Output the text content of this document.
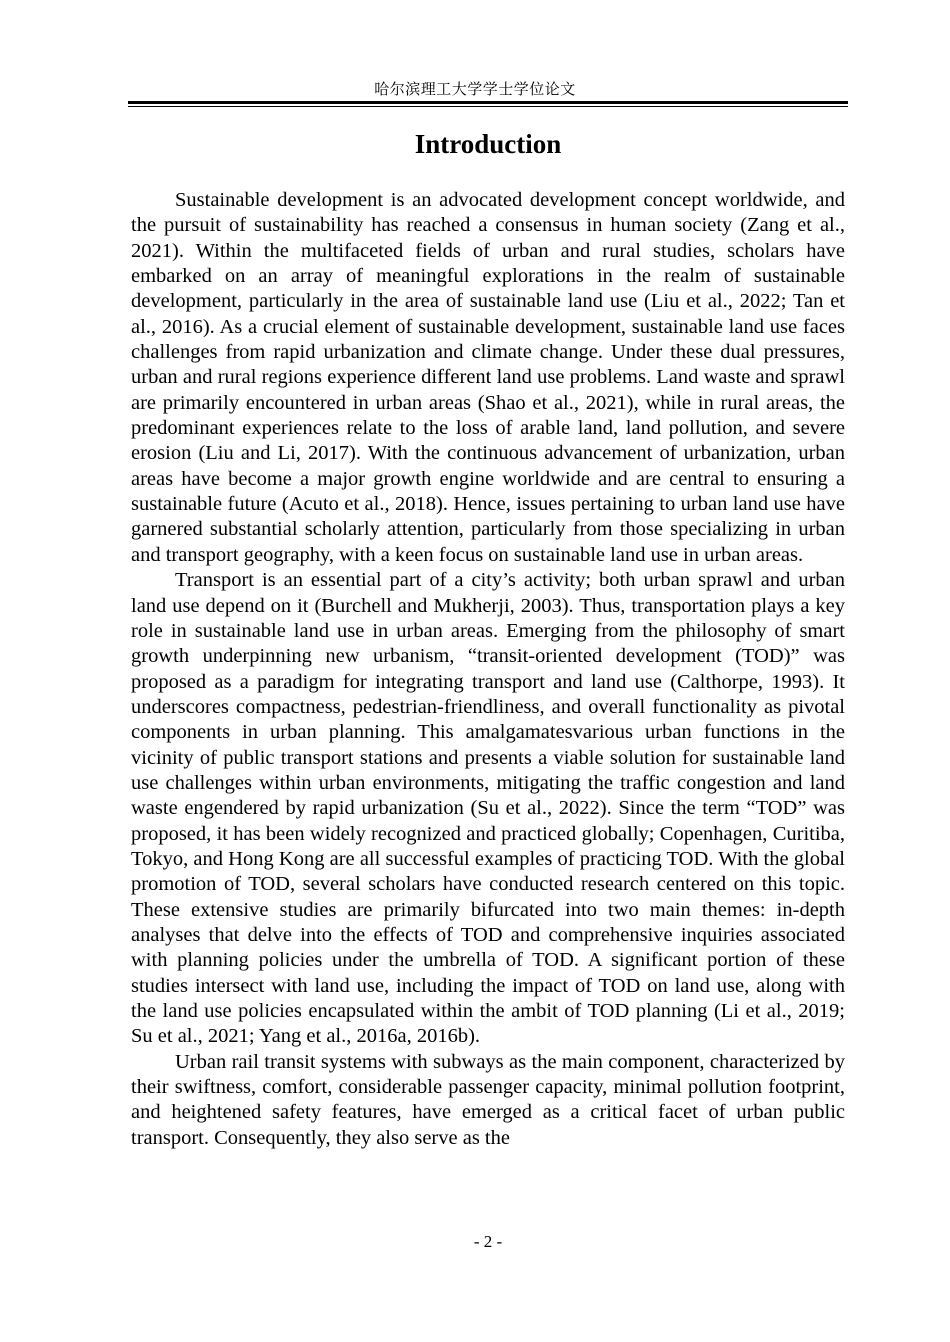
哈尔滨理工大学学士学位论文
Introduction

Sustainable development is an advocated development concept worldwide, and the pursuit of sustainability has reached a consensus in human society (Zang et al., 2021). Within the multifaceted fields of urban and rural studies, scholars have embarked on an array of meaningful explorations in the realm of sustainable development, particularly in the area of sustainable land use (Liu et al., 2022; Tan et al., 2016). As a crucial element of sustainable development, sustainable land use faces challenges from rapid urbanization and climate change. Under these dual pressures, urban and rural regions experience different land use problems. Land waste and sprawl are primarily encountered in urban areas (Shao et al., 2021), while in rural areas, the predominant experiences relate to the loss of arable land, land pollution, and severe erosion (Liu and Li, 2017). With the continuous advancement of urbanization, urban areas have become a major growth engine worldwide and are central to ensuring a sustainable future (Acuto et al., 2018). Hence, issues pertaining to urban land use have garnered substantial scholarly attention, particularly from those specializing in urban and transport geography, with a keen focus on sustainable land use in urban areas.

Transport is an essential part of a city’s activity; both urban sprawl and urban land use depend on it (Burchell and Mukherji, 2003). Thus, transportation plays a key role in sustainable land use in urban areas. Emerging from the philosophy of smart growth underpinning new urbanism, “transit-oriented development (TOD)” was proposed as a paradigm for integrating transport and land use (Calthorpe, 1993). It underscores compactness, pedestrian-friendliness, and overall functionality as pivotal components in urban planning. This amalgamatesvarious urban functions in the vicinity of public transport stations and presents a viable solution for sustainable land use challenges within urban environments, mitigating the traffic congestion and land waste engendered by rapid urbanization (Su et al., 2022). Since the term “TOD” was proposed, it has been widely recognized and practiced globally; Copenhagen, Curitiba, Tokyo, and Hong Kong are all successful examples of practicing TOD. With the global promotion of TOD, several scholars have conducted research centered on this topic. These extensive studies are primarily bifurcated into two main themes: in-depth analyses that delve into the effects of TOD and comprehensive inquiries associated with planning policies under the umbrella of TOD. A significant portion of these studies intersect with land use, including the impact of TOD on land use, along with the land use policies encapsulated within the ambit of TOD planning (Li et al., 2019; Su et al., 2021; Yang et al., 2016a, 2016b).

Urban rail transit systems with subways as the main component, characterized by their swiftness, comfort, considerable passenger capacity, minimal pollution footprint, and heightened safety features, have emerged as a critical facet of urban public transport. Consequently, they also serve as the

- 2 -
